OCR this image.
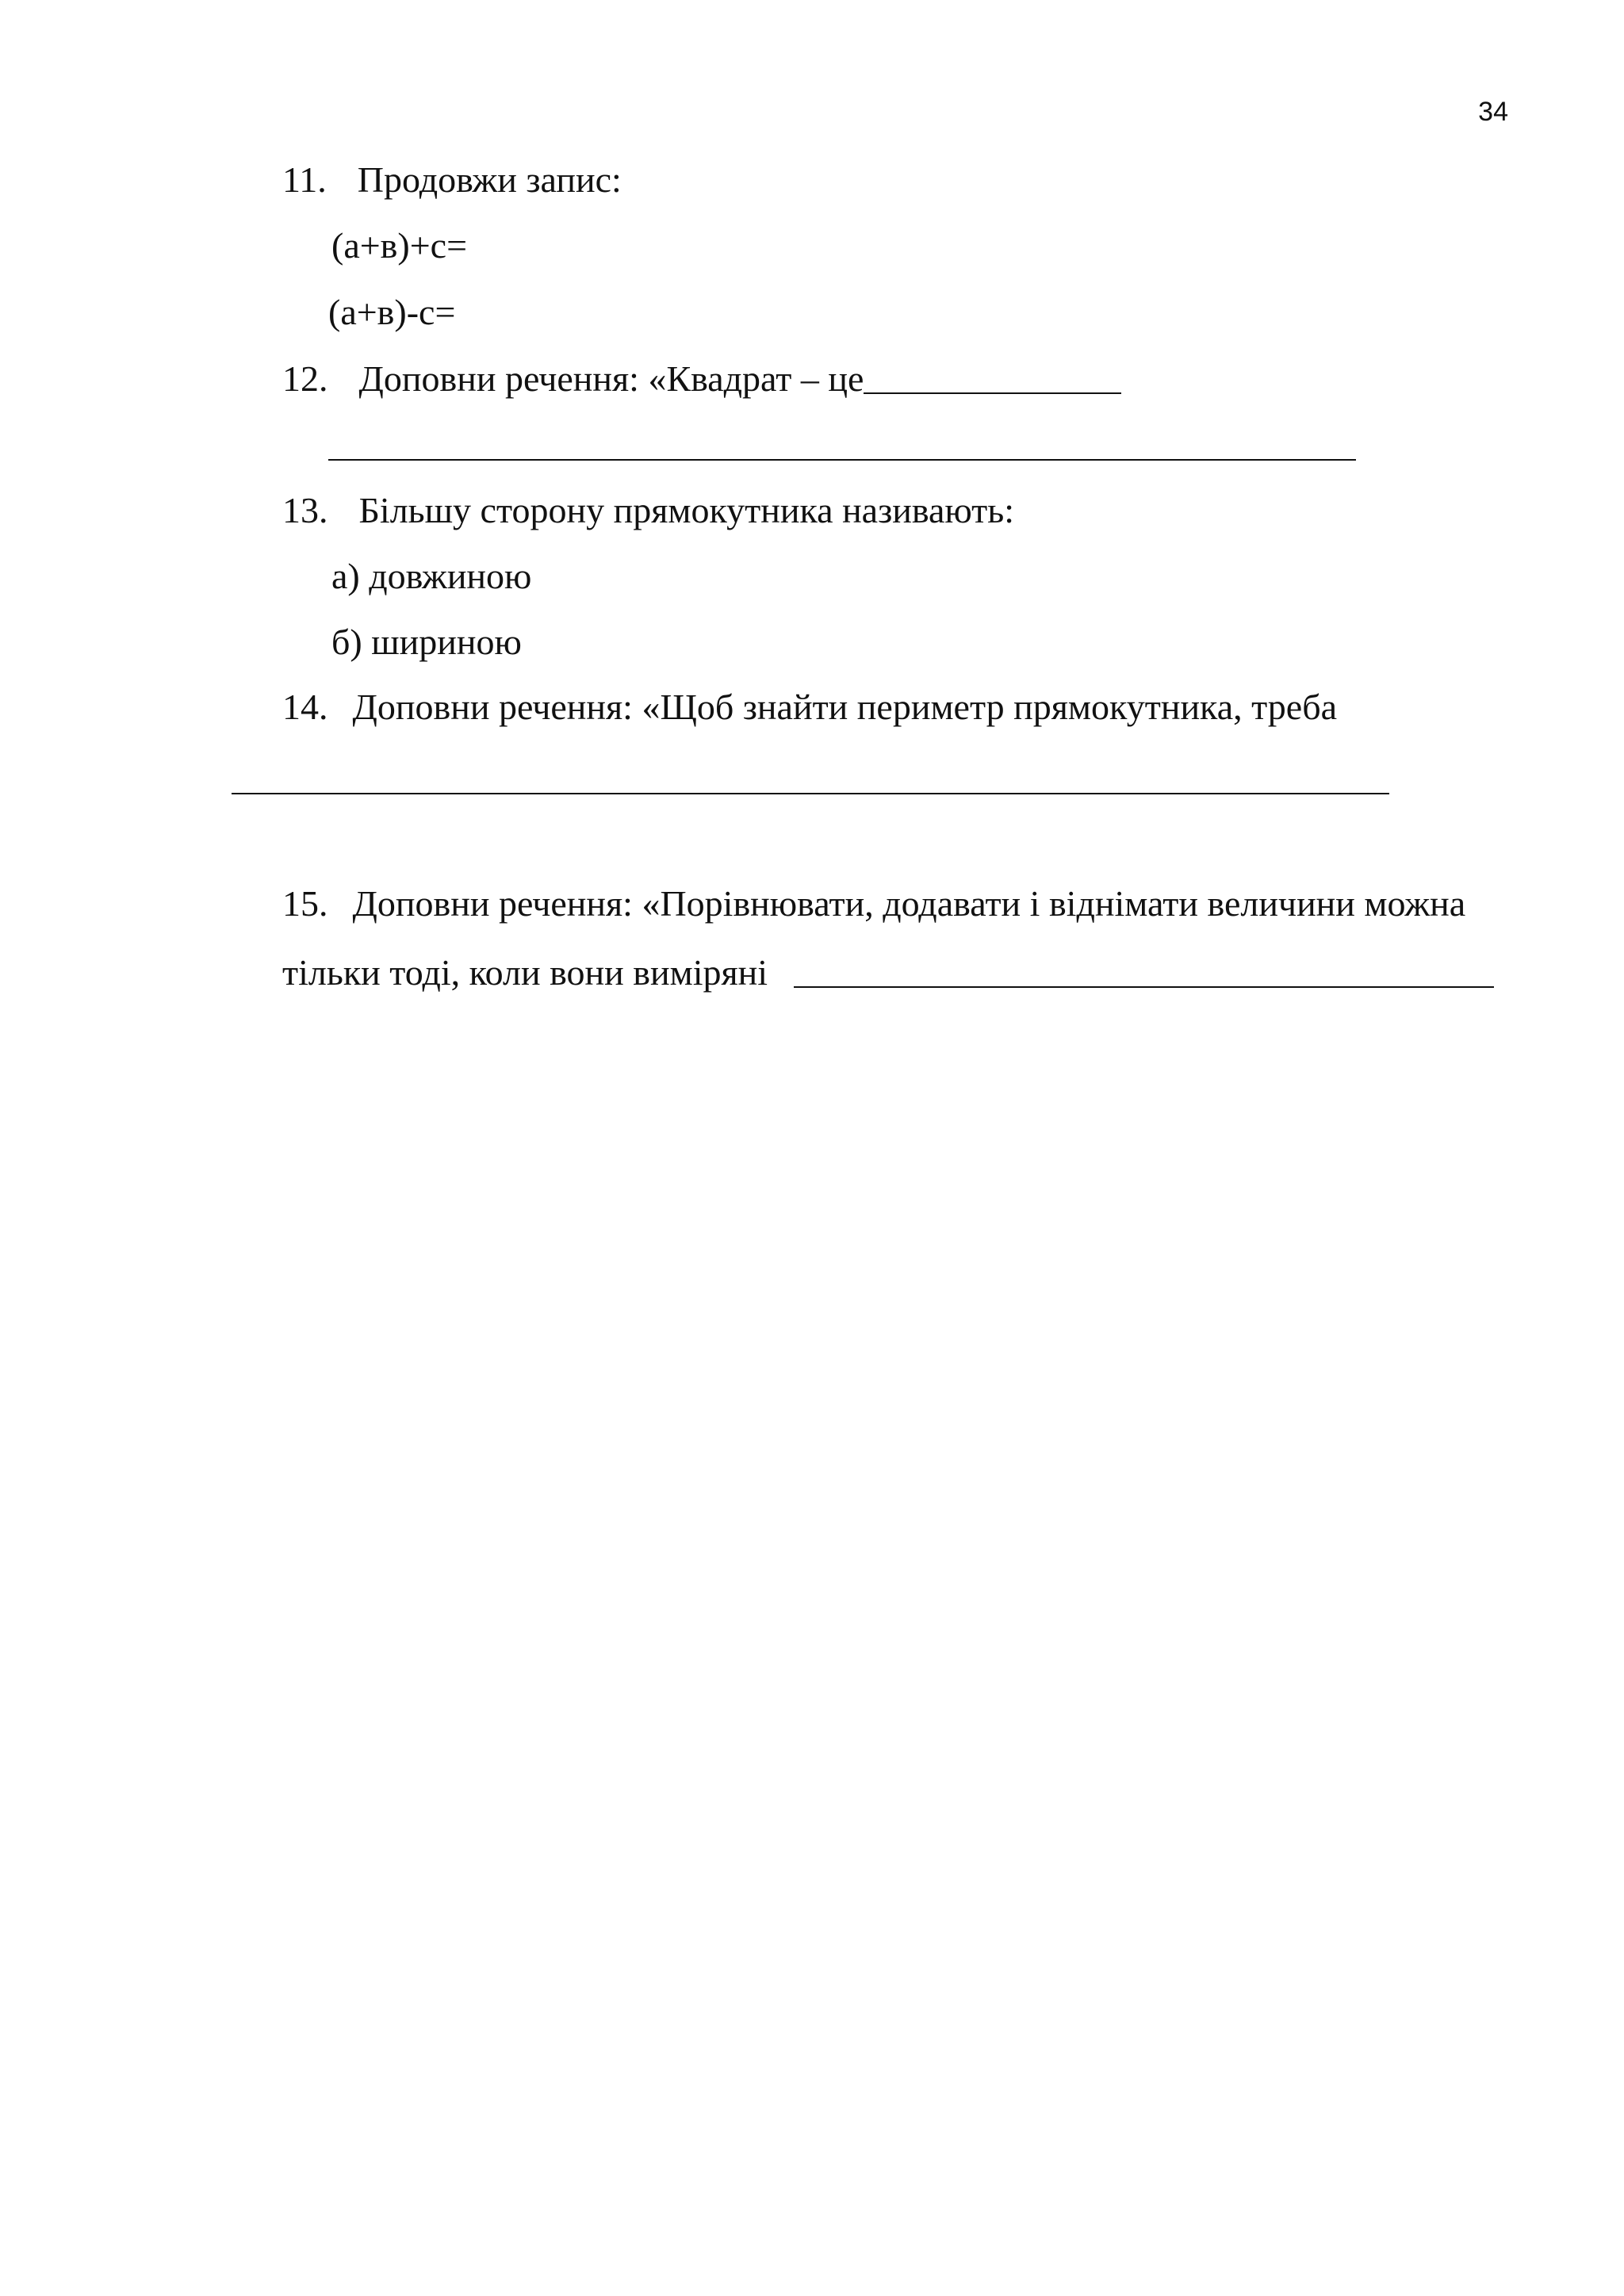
34
11. Продовжи запис:
(а+в)+с=
(а+в)-с=
12. Доповни речення: «Квадрат – це
13. Більшу сторону прямокутника називають:
а) довжиною
б) шириною
14. Доповни речення: «Щоб знайти периметр прямокутника, треба
15. Доповни речення: «Порівнювати, додавати і віднімати величини можна
тільки тоді, коли вони виміряні
